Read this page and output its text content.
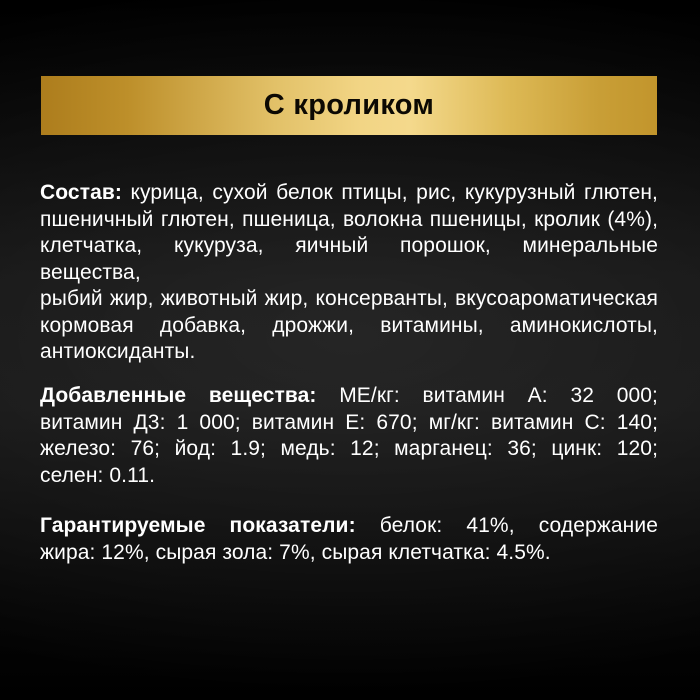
С кроликом
Состав: курица, сухой белок птицы, рис, кукурузный глютен,
пшеничный глютен, пшеница, волокна пшеницы, кролик (4%),
клетчатка, кукуруза, яичный порошок, минеральные вещества,
рыбий жир, животный жир, консерванты, вкусоароматическая
кормовая добавка, дрожжи, витамины, аминокислоты,
антиоксиданты.
Добавленные вещества: МЕ/кг: витамин А: 32 000;
витамин Д3: 1 000; витамин Е: 670; мг/кг: витамин С: 140;
железо: 76; йод: 1.9; медь: 12; марганец: 36; цинк: 120;
селен: 0.11.
Гарантируемые показатели: белок: 41%, содержание
жира: 12%, сырая зола: 7%, сырая клетчатка: 4.5%.
